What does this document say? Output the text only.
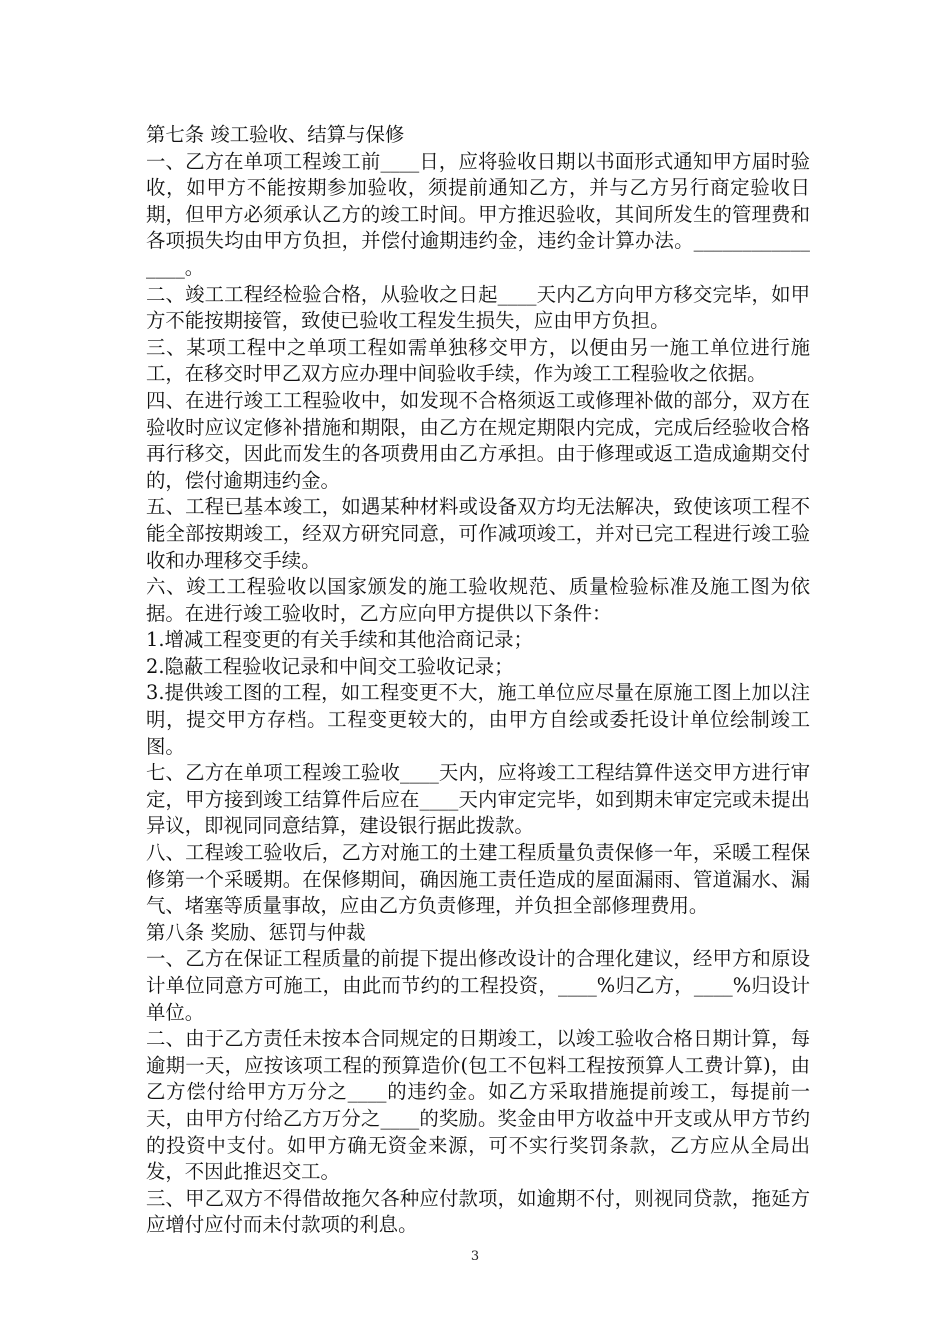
第七条 竣工验收、结算与保修

一、乙方在单项工程竣工前____日，应将验收日期以书面形式通知甲方届时验收，如甲方不能按期参加验收，须提前通知乙方，并与乙方另行商定验收日期，但甲方必须承认乙方的竣工时间。甲方推迟验收，其间所发生的管理费和各项损失均由甲方负担，并偿付逾期违约金，违约金计算办法。________________。

二、竣工工程经检验合格，从验收之日起____天内乙方向甲方移交完毕，如甲方不能按期接管，致使已验收工程发生损失，应由甲方负担。

三、某项工程中之单项工程如需单独移交甲方，以便由另一施工单位进行施工，在移交时甲乙双方应办理中间验收手续，作为竣工工程验收之依据。

四、在进行竣工工程验收中，如发现不合格须返工或修理补做的部分，双方在验收时应议定修补措施和期限，由乙方在规定期限内完成，完成后经验收合格再行移交，因此而发生的各项费用由乙方承担。由于修理或返工造成逾期交付的，偿付逾期违约金。

五、工程已基本竣工，如遇某种材料或设备双方均无法解决，致使该项工程不能全部按期竣工，经双方研究同意，可作减项竣工，并对已完工程进行竣工验收和办理移交手续。

六、竣工工程验收以国家颁发的施工验收规范、质量检验标准及施工图为依据。在进行竣工验收时，乙方应向甲方提供以下条件：

1.增减工程变更的有关手续和其他洽商记录；

2.隐蔽工程验收记录和中间交工验收记录；

3.提供竣工图的工程，如工程变更不大，施工单位应尽量在原施工图上加以注明，提交甲方存档。工程变更较大的，由甲方自绘或委托设计单位绘制竣工图。

七、乙方在单项工程竣工验收____天内，应将竣工工程结算件送交甲方进行审定，甲方接到竣工结算件后应在____天内审定完毕，如到期未审定完或未提出异议，即视同同意结算，建设银行据此拨款。

八、工程竣工验收后，乙方对施工的土建工程质量负责保修一年，采暖工程保修第一个采暖期。在保修期间，确因施工责任造成的屋面漏雨、管道漏水、漏气、堵塞等质量事故，应由乙方负责修理，并负担全部修理费用。

第八条 奖励、惩罚与仲裁

一、乙方在保证工程质量的前提下提出修改设计的合理化建议，经甲方和原设计单位同意方可施工，由此而节约的工程投资，____%归乙方，____%归设计单位。

二、由于乙方责任未按本合同规定的日期竣工，以竣工验收合格日期计算，每逾期一天，应按该项工程的预算造价(包工不包料工程按预算人工费计算)，由乙方偿付给甲方万分之____的违约金。如乙方采取措施提前竣工，每提前一天，由甲方付给乙方万分之____的奖励。奖金由甲方收益中开支或从甲方节约的投资中支付。如甲方确无资金来源，可不实行奖罚条款，乙方应从全局出发，不因此推迟交工。

三、甲乙双方不得借故拖欠各种应付款项，如逾期不付，则视同贷款，拖延方应增付应付而未付款项的利息。

3
